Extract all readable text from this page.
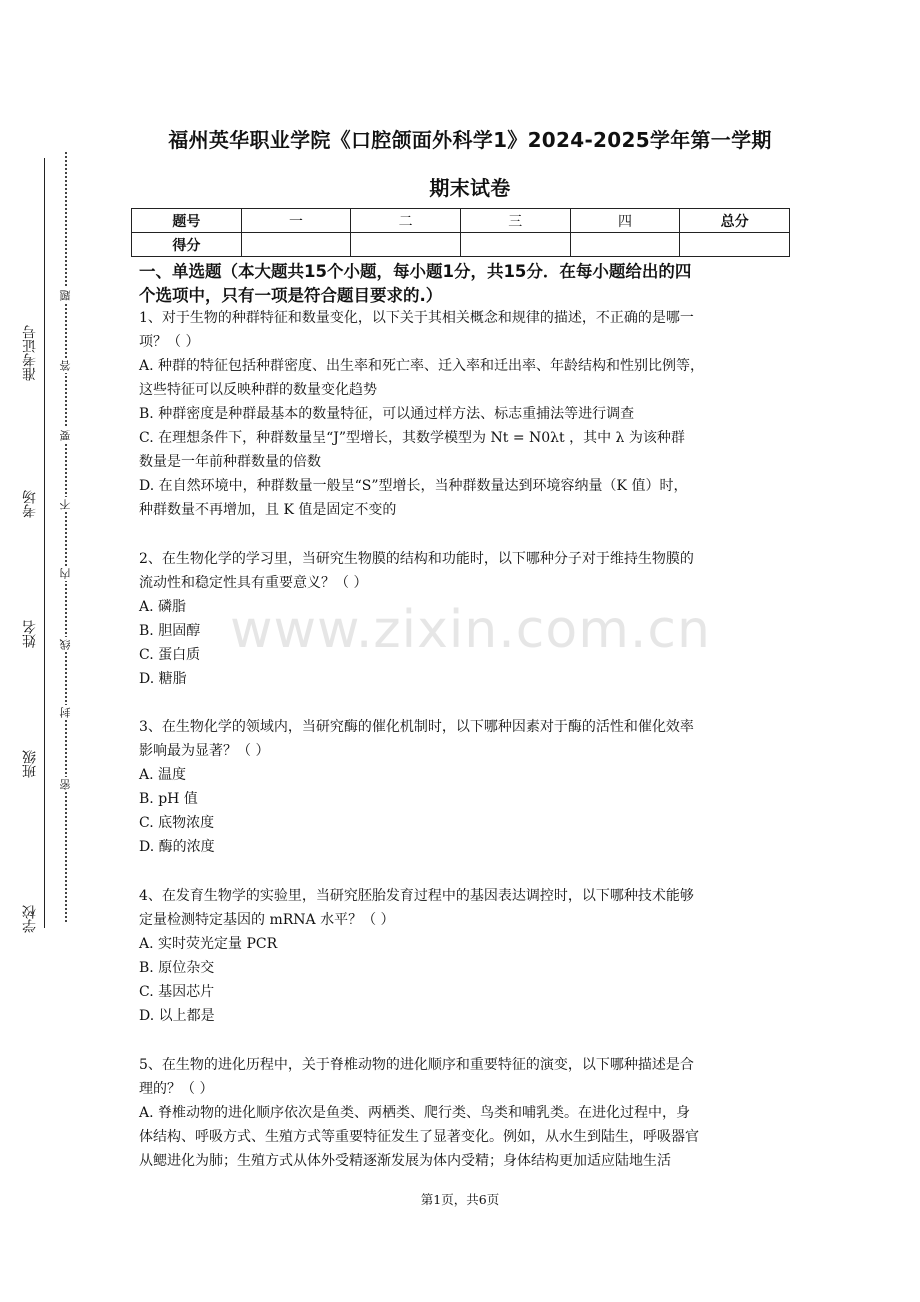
学校
班级
姓名
考场
准考证号
密
封
线
内
不
要
答
题
福州英华职业学院《口腔颌面外科学1》2024-2025学年第一学期
期末试卷
题号	一	二	三	四	总分
得分					
一、单选题（本大题共15个小题，每小题1分，共15分．在每小题给出的四
个选项中，只有一项是符合题目要求的.）

1、对于生物的种群特征和数量变化，以下关于其相关概念和规律的描述，不正确的是哪一

项？（ ）

A. 种群的特征包括种群密度、出生率和死亡率、迁入率和迁出率、年龄结构和性别比例等，

这些特征可以反映种群的数量变化趋势

B. 种群密度是种群最基本的数量特征，可以通过样方法、标志重捕法等进行调查

C. 在理想条件下，种群数量呈“J”型增长，其数学模型为 Nt = N0λt ，其中 λ 为该种群

数量是一年前种群数量的倍数

D. 在自然环境中，种群数量一般呈“S”型增长，当种群数量达到环境容纳量（K 值）时，

种群数量不再增加，且 K 值是固定不变的

2、在生物化学的学习里，当研究生物膜的结构和功能时，以下哪种分子对于维持生物膜的

流动性和稳定性具有重要意义？（ ）

A. 磷脂

B. 胆固醇

C. 蛋白质

D. 糖脂

3、在生物化学的领域内，当研究酶的催化机制时，以下哪种因素对于酶的活性和催化效率

影响最为显著？（ ）

A. 温度

B. pH 值

C. 底物浓度

D. 酶的浓度

4、在发育生物学的实验里，当研究胚胎发育过程中的基因表达调控时，以下哪种技术能够

定量检测特定基因的 mRNA 水平？（ ）

A. 实时荧光定量 PCR

B. 原位杂交

C. 基因芯片

D. 以上都是

5、在生物的进化历程中，关于脊椎动物的进化顺序和重要特征的演变，以下哪种描述是合

理的？（ ）

A. 脊椎动物的进化顺序依次是鱼类、两栖类、爬行类、鸟类和哺乳类。在进化过程中，身

体结构、呼吸方式、生殖方式等重要特征发生了显著变化。例如，从水生到陆生，呼吸器官

从鳃进化为肺；生殖方式从体外受精逐渐发展为体内受精；身体结构更加适应陆地生活

www.zixin.com.cn
第1页，共6页
